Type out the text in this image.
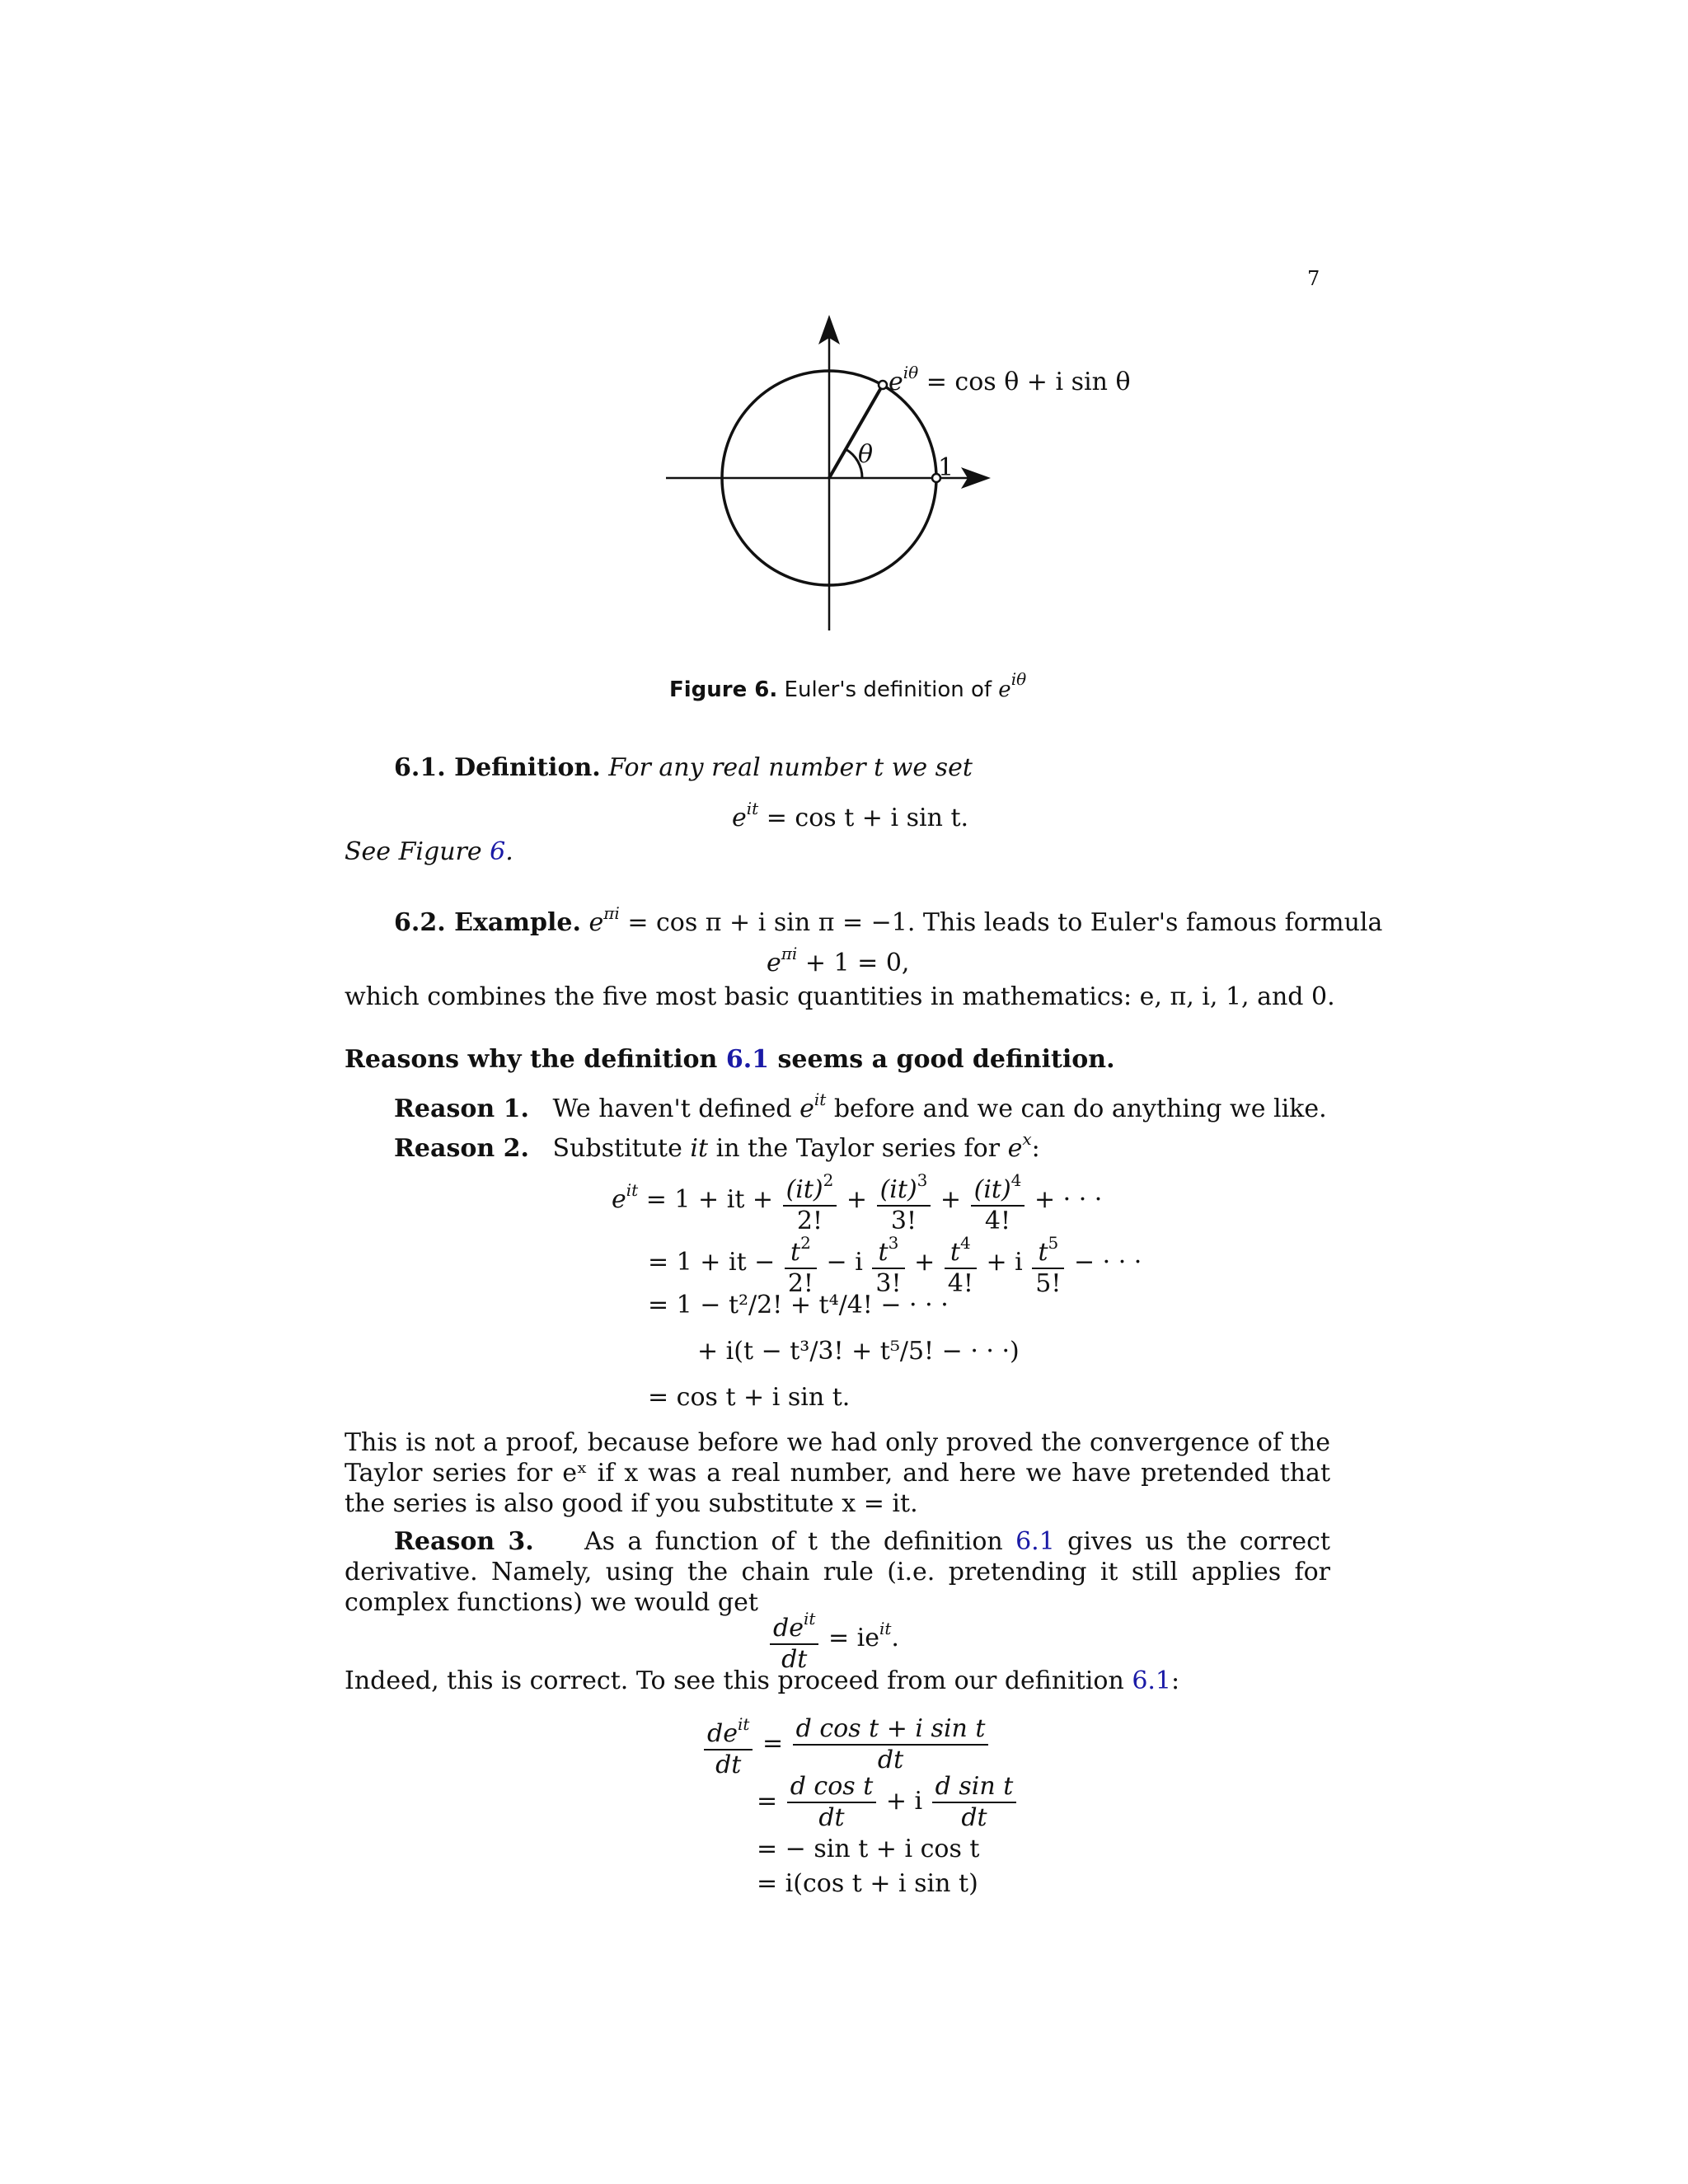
7
$e^{i\theta} = \cos \theta + i$ sin θ
θ	1
Figure 6. Euler's definition of $e^{i\theta}$
6.1. Definition. For any real number t we set
$e^{it} = \cos t + i$ sin t.
See Figure 6.
6.2. Example. $e^{\pi i} = \cos \pi + i$ sin π = −1. This leads to Euler's famous formula
$e^{\pi i} + 1 = 0$,
which combines the five most basic quantities in mathematics: e, π, i, 1, and 0.
Reasons why the definition 6.1 seems a good definition.
Reason 1. We haven't defined $e^{it}$ before and we can do anything we like.
Reason 2. Substitute it in the Taylor series for $e^x$:
$e^{it} = 1$ + it + $\frac{(it)^2}{2!} + \frac{(it)^3}{3!} + \frac{(it)^4}{4!}$ + · · ·
= 1 + it − $\frac{t^2}{2!} - i \frac{t^3}{3!} + \frac{t^4}{4!} + i \frac{t^5}{5!}$ − · · ·
= 1 − t²/2! + t⁴/4! − · · ·
+ i(t − t³/3! + t⁵/5! − · · ·)
= cos t + i sin t.
This is not a proof, because before we had only proved the convergence of the Taylor series for eˣ if x was a real number, and here we have pretended that the series is also good if you substitute x = it.
Reason 3. As a function of t the definition 6.1 gives us the correct derivative. Namely, using the chain rule (i.e. pretending it still applies for complex functions) we would get
$\frac{de^{it}}{dt} = ie^{it}$.
Indeed, this is correct. To see this proceed from our definition 6.1:
$\frac{de^{it}}{dt} = \frac{\text{d cos t + i sin t}}{dt}$
= $\frac{\text{d cos t}}{dt} + i \frac{\text{d sin t}}{dt}$
= − sin t + i cos t
= i(cos t + i sin t)
